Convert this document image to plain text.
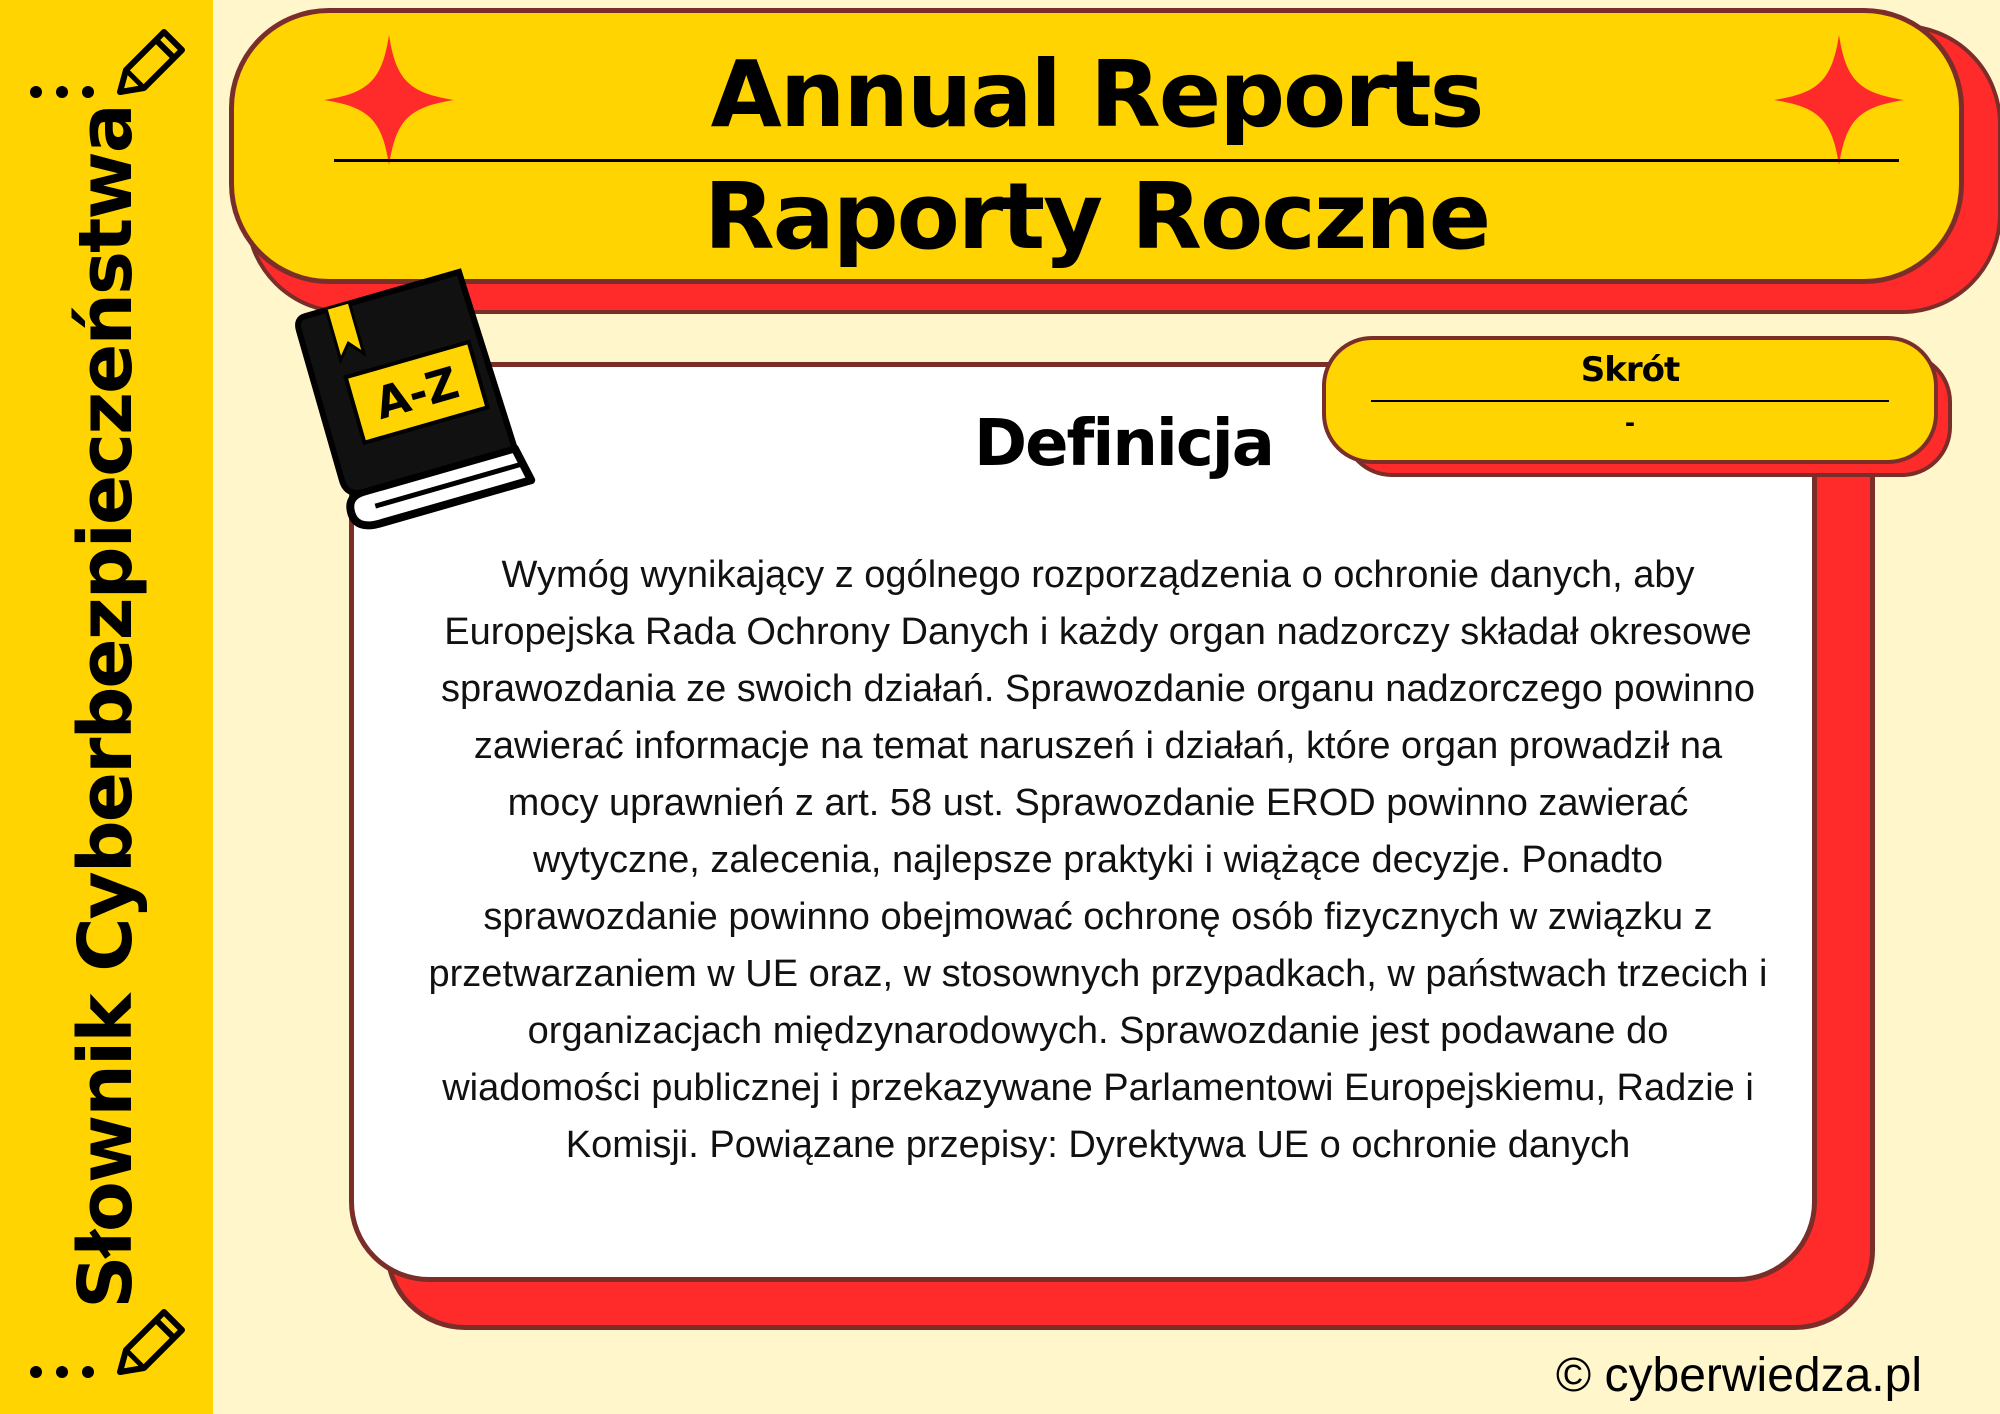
Słownik Cyberbezpieczeństwa
Annual Reports
Raporty Roczne
Definicja
Wymóg wynikający z ogólnego rozporządzenia o ochronie danych, aby Europejska Rada Ochrony Danych i każdy organ nadzorczy składał okresowe sprawozdania ze swoich działań. Sprawozdanie organu nadzorczego powinno zawierać informacje na temat naruszeń i działań, które organ prowadził na mocy uprawnień z art. 58 ust. Sprawozdanie EROD powinno zawierać wytyczne, zalecenia, najlepsze praktyki i wiążące decyzje. Ponadto sprawozdanie powinno obejmować ochronę osób fizycznych w związku z przetwarzaniem w UE oraz, w stosownych przypadkach, w państwach trzecich i organizacjach międzynarodowych. Sprawozdanie jest podawane do wiadomości publicznej i przekazywane Parlamentowi Europejskiemu, Radzie i Komisji. Powiązane przepisy: Dyrektywa UE o ochronie danych
Skrót
-
A-Z
© cyberwiedza.pl
